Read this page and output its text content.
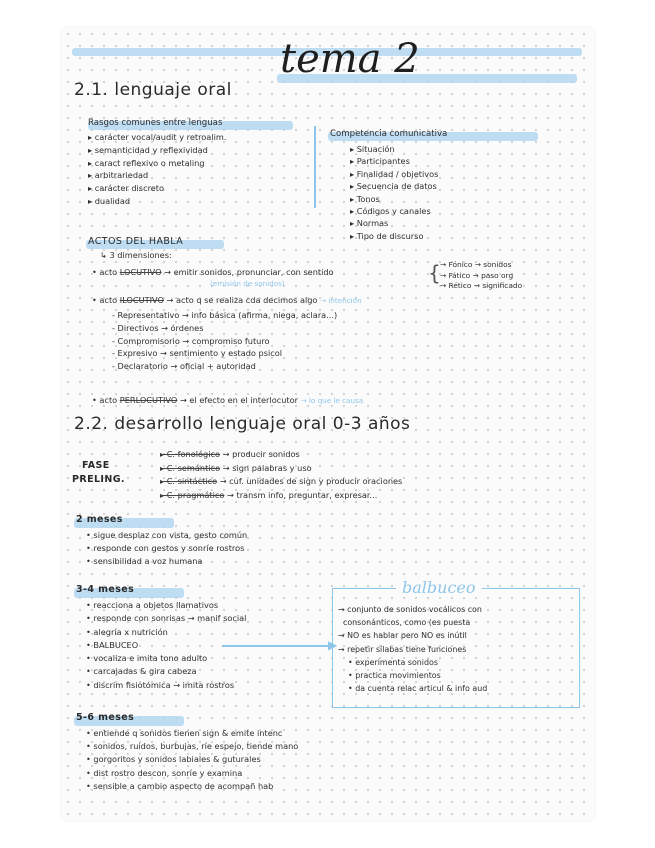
tema 2
2.1. lenguaje oral
Rasgos comunes entre lenguas
▸ carácter vocal/audit y retroalim.
▸ semanticidad y reflexividad
▸ caract reflexivo o metaling
▸ arbitrariedad
▸ carácter discreto
▸ dualidad
Competencia comunicativa
▸ Situación
▸ Participantes
▸ Finalidad / objetivos
▸ Secuencia de datos
▸ Tonos
▸ Códigos y canales
▸ Normas
▸ Tipo de discurso
ACTOS DEL HABLA
↳ 3 dimensiones:
• acto LOCUTIVO → emitir sonidos, pronunciar, con sentido
(emisión de sonidos)	{ → Fónico → sonidos
→ Fático → paso org
→ Rético → significado
• acto ILOCUTIVO → acto q se realiza cda decimos algo → intención
- Representativo → info básica (afirma, niega, aclara...)
- Directivos → órdenes
- Compromisorio → compromiso futuro
- Expresivo → sentimiento y estado psicol
- Declaratorio → oficial + autoridad
• acto PERLOCUTIVO → el efecto en el interlocutor → lo que le causa
2.2. desarrollo lenguaje oral 0-3 años
FASE
PRELING.
▸ C. fonológico → producir sonidos
▸ C. semántico → sign palabras y uso
▸ C. sintáctico → cuf. unidades de sign y producir oraciones
▸ C. pragmático → transm info, preguntar, expresar...
2 meses
• sigue desplaz con vista, gesto común
• responde con gestos y sonríe rostros
• sensibilidad a voz humana
3-4 meses
• reacciona a objetos llamativos
• responde con sonrisas → manif social
• alegría x nutrición
• BALBUCEO
• vocaliza e imita tono adulto
• carcajadas & gira cabeza
• discrim fisiotómica → imita rostros
▶
balbuceo
→ conjunto de sonidos vocálicos con
consonánticos, como (es puesta
→ NO es hablar pero NO es inútil
→ repetir sílabas tiene funciones
• experimenta sonidos
• practica movimientos
• da cuenta relac articul & info aud
5-6 meses
• entiende q sonidos tienen sign & emite intenc
• sonidos, ruidos, burbujas, ríe espejo, tiende mano
• gorgoritos y sonidos labiales & guturales
• dist rostro descon, sonríe y examina
• sensible a cambio aspecto de acompañ hab
